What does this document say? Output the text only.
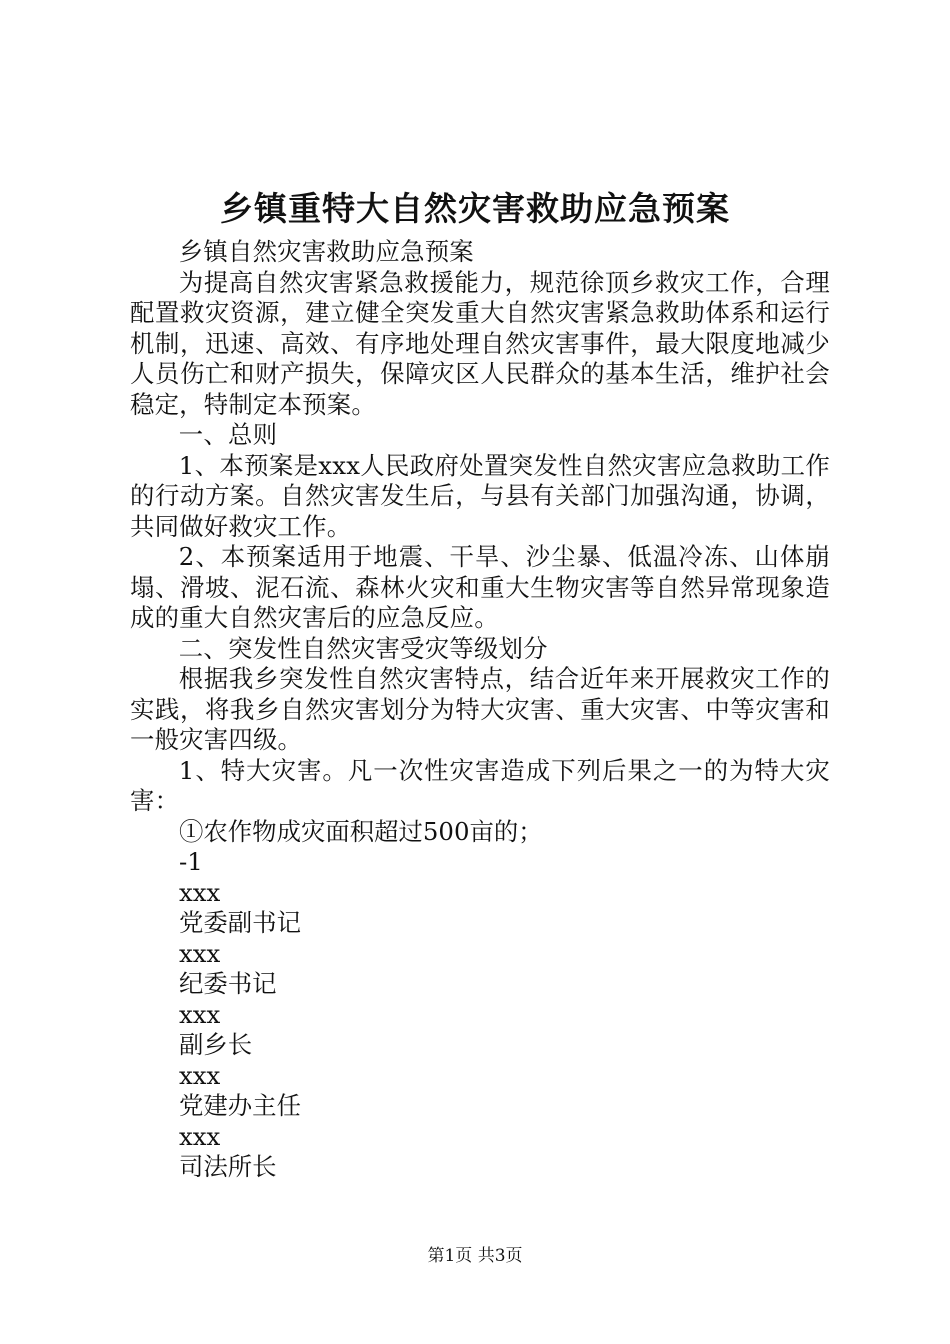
乡镇重特大自然灾害救助应急预案

乡镇自然灾害救助应急预案

为提高自然灾害紧急救援能力，规范徐顶乡救灾工作，合理配置救灾资源，建立健全突发重大自然灾害紧急救助体系和运行机制，迅速、高效、有序地处理自然灾害事件，最大限度地减少人员伤亡和财产损失，保障灾区人民群众的基本生活，维护社会稳定，特制定本预案。

一、总则

1、本预案是xxx人民政府处置突发性自然灾害应急救助工作的行动方案。自然灾害发生后，与县有关部门加强沟通，协调，共同做好救灾工作。

2、本预案适用于地震、干旱、沙尘暴、低温冷冻、山体崩塌、滑坡、泥石流、森林火灾和重大生物灾害等自然异常现象造成的重大自然灾害后的应急反应。

二、突发性自然灾害受灾等级划分

根据我乡突发性自然灾害特点，结合近年来开展救灾工作的实践，将我乡自然灾害划分为特大灾害、重大灾害、中等灾害和一般灾害四级。

1、特大灾害。凡一次性灾害造成下列后果之一的为特大灾害：

①农作物成灾面积超过500亩的；

-1

xxx

党委副书记

xxx

纪委书记

xxx

副乡长

xxx

党建办主任

xxx

司法所长

第1页 共3页
